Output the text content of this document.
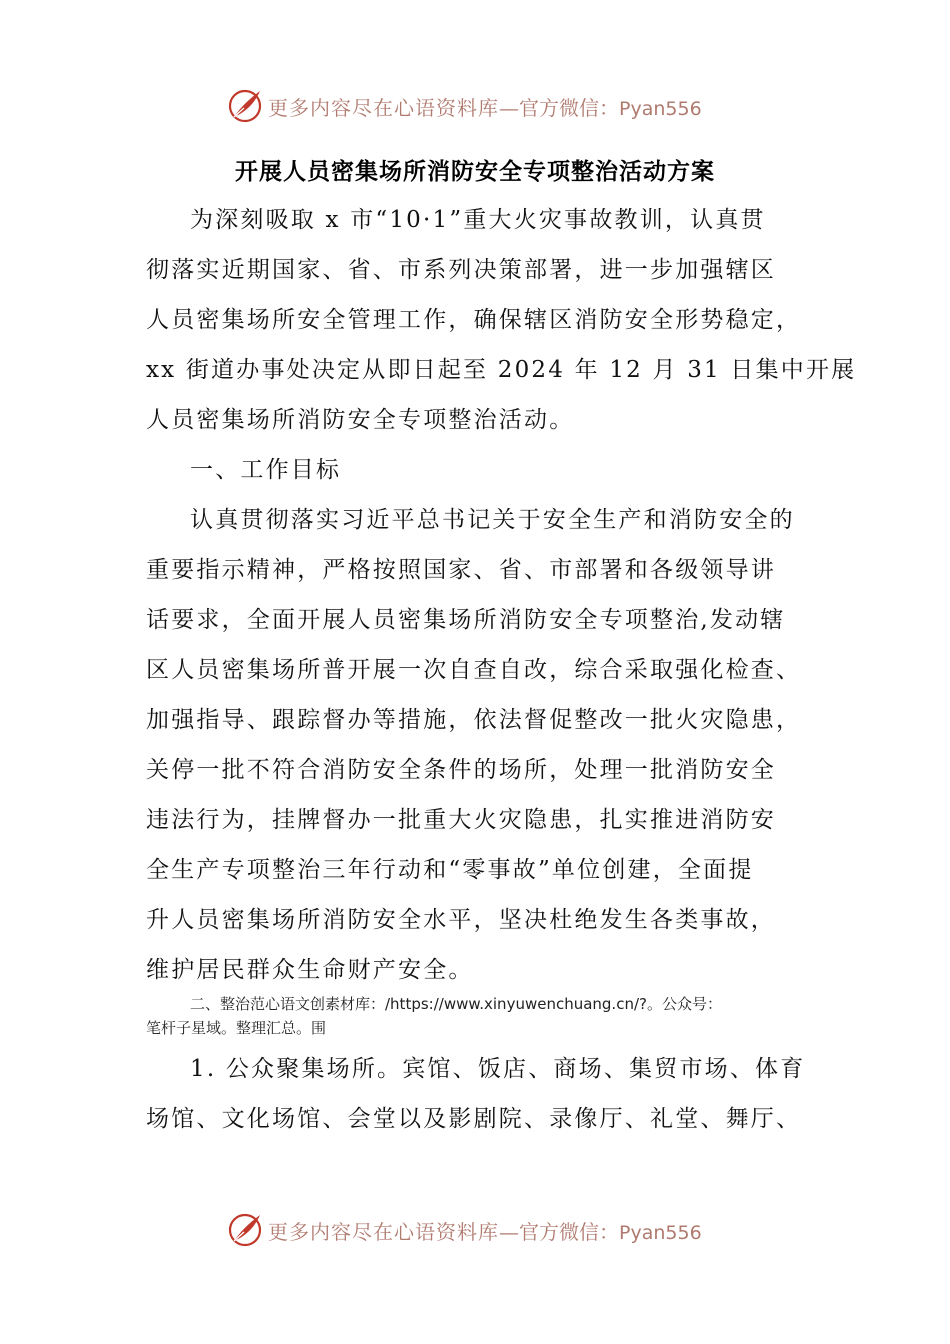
更多内容尽在心语资料库—官方微信：Pyan556
开展人员密集场所消防安全专项整治活动方案
为深刻吸取 x 市“10·1”重大火灾事故教训，认真贯
彻落实近期国家、省、市系列决策部署，进一步加强辖区
人员密集场所安全管理工作，确保辖区消防安全形势稳定，
xx 街道办事处决定从即日起至 2024 年 12 月 31 日集中开展
人员密集场所消防安全专项整治活动。
一、工作目标
认真贯彻落实习近平总书记关于安全生产和消防安全的
重要指示精神，严格按照国家、省、市部署和各级领导讲
话要求，全面开展人员密集场所消防安全专项整治,发动辖
区人员密集场所普开展一次自查自改，综合采取强化检查、
加强指导、跟踪督办等措施，依法督促整改一批火灾隐患，
关停一批不符合消防安全条件的场所，处理一批消防安全
违法行为，挂牌督办一批重大火灾隐患，扎实推进消防安
全生产专项整治三年行动和“零事故”单位创建，全面提
升人员密集场所消防安全水平，坚决杜绝发生各类事故，
维护居民群众生命财产安全。
二、整治范心语文创素材库：/https://www.xinyuwenchuang.cn/?。公众号：
笔杆子星域。整理汇总。围
1. 公众聚集场所。宾馆、饭店、商场、集贸市场、体育
场馆、文化场馆、会堂以及影剧院、录像厅、礼堂、舞厅、
更多内容尽在心语资料库—官方微信：Pyan556
